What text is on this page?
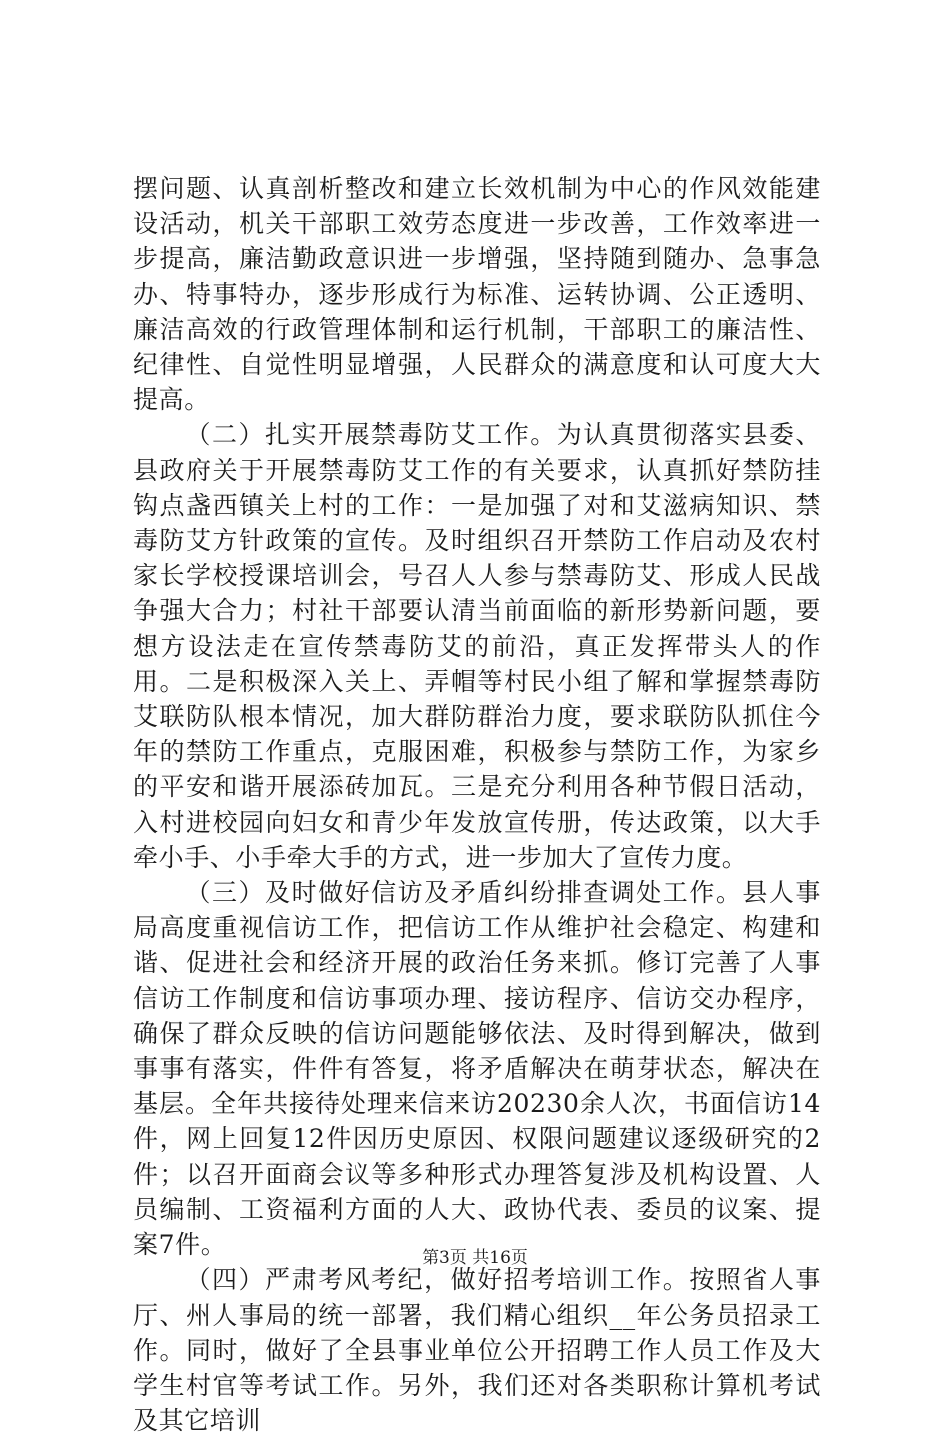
摆问题、认真剖析整改和建立长效机制为中心的作风效能建设活动，机关干部职工效劳态度进一步改善，工作效率进一步提高，廉洁勤政意识进一步增强，坚持随到随办、急事急办、特事特办，逐步形成行为标准、运转协调、公正透明、廉洁高效的行政管理体制和运行机制，干部职工的廉洁性、纪律性、自觉性明显增强，人民群众的满意度和认可度大大提高。

（二）扎实开展禁毒防艾工作。为认真贯彻落实县委、县政府关于开展禁毒防艾工作的有关要求，认真抓好禁防挂钩点盏西镇关上村的工作：一是加强了对和艾滋病知识、禁毒防艾方针政策的宣传。及时组织召开禁防工作启动及农村家长学校授课培训会，号召人人参与禁毒防艾、形成人民战争强大合力；村社干部要认清当前面临的新形势新问题，要想方设法走在宣传禁毒防艾的前沿，真正发挥带头人的作用。二是积极深入关上、弄帽等村民小组了解和掌握禁毒防艾联防队根本情况，加大群防群治力度，要求联防队抓住今年的禁防工作重点，克服困难，积极参与禁防工作，为家乡的平安和谐开展添砖加瓦。三是充分利用各种节假日活动，入村进校园向妇女和青少年发放宣传册，传达政策，以大手牵小手、小手牵大手的方式，进一步加大了宣传力度。

（三）及时做好信访及矛盾纠纷排查调处工作。县人事局高度重视信访工作，把信访工作从维护社会稳定、构建和谐、促进社会和经济开展的政治任务来抓。修订完善了人事信访工作制度和信访事项办理、接访程序、信访交办程序，确保了群众反映的信访问题能够依法、及时得到解决，做到事事有落实，件件有答复，将矛盾解决在萌芽状态，解决在基层。全年共接待处理来信来访20230余人次，书面信访14件，网上回复12件因历史原因、权限问题建议逐级研究的2件；以召开面商会议等多种形式办理答复涉及机构设置、人员编制、工资福利方面的人大、政协代表、委员的议案、提案7件。

（四）严肃考风考纪，做好招考培训工作。按照省人事厅、州人事局的统一部署，我们精心组织__年公务员招录工作。同时，做好了全县事业单位公开招聘工作人员工作及大学生村官等考试工作。另外，我们还对各类职称计算机考试及其它培训

第3页 共16页
